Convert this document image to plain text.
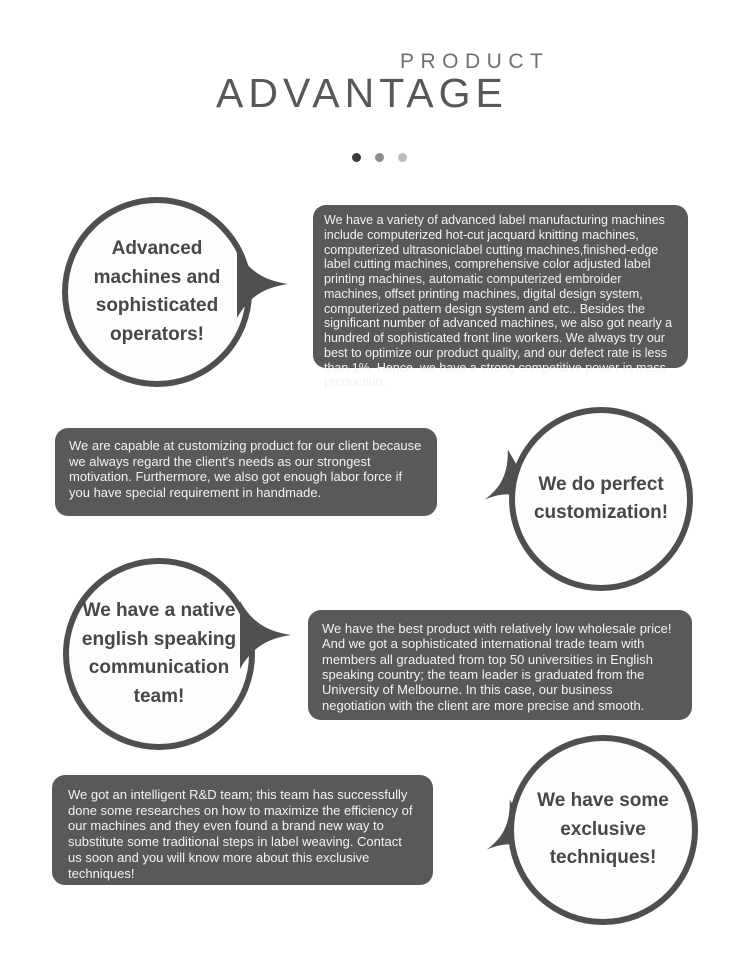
PRODUCT
ADVANTAGE
Advanced machines and sophisticated operators!
We have a variety of advanced label manufacturing machines include computerized hot-cut jacquard knitting machines, computerized ultrasoniclabel cutting machines,finished-edge label cutting machines, comprehensive color adjusted label printing machines, automatic computerized embroider machines, offset printing machines, digital design system, computerized pattern design system and etc.. Besides the significant number of advanced machines, we also got nearly a hundred of sophisticated front line workers. We always try our best to optimize our product quality, and our defect rate is less than 1%. Hence, we have a strong competitive power in mass production.
We are capable at customizing product for our client because we always regard the client's needs as our strongest motivation. Furthermore, we also got enough labor force if you have special requirement in handmade.	We do perfect customization!
We have a native english speaking communication team!
We have the best product with relatively low wholesale price! And we got a sophisticated international trade team with members all graduated from top 50 universities in English speaking country; the team leader is graduated from the University of Melbourne. In this case, our business negotiation with the client are more precise and smooth.
We got an intelligent R&D team; this team has successfully done some researches on how to maximize the efficiency of our machines and they even found a brand new way to substitute some traditional steps in label weaving. Contact us soon and you will know more about this exclusive techniques!
We have some exclusive techniques!
